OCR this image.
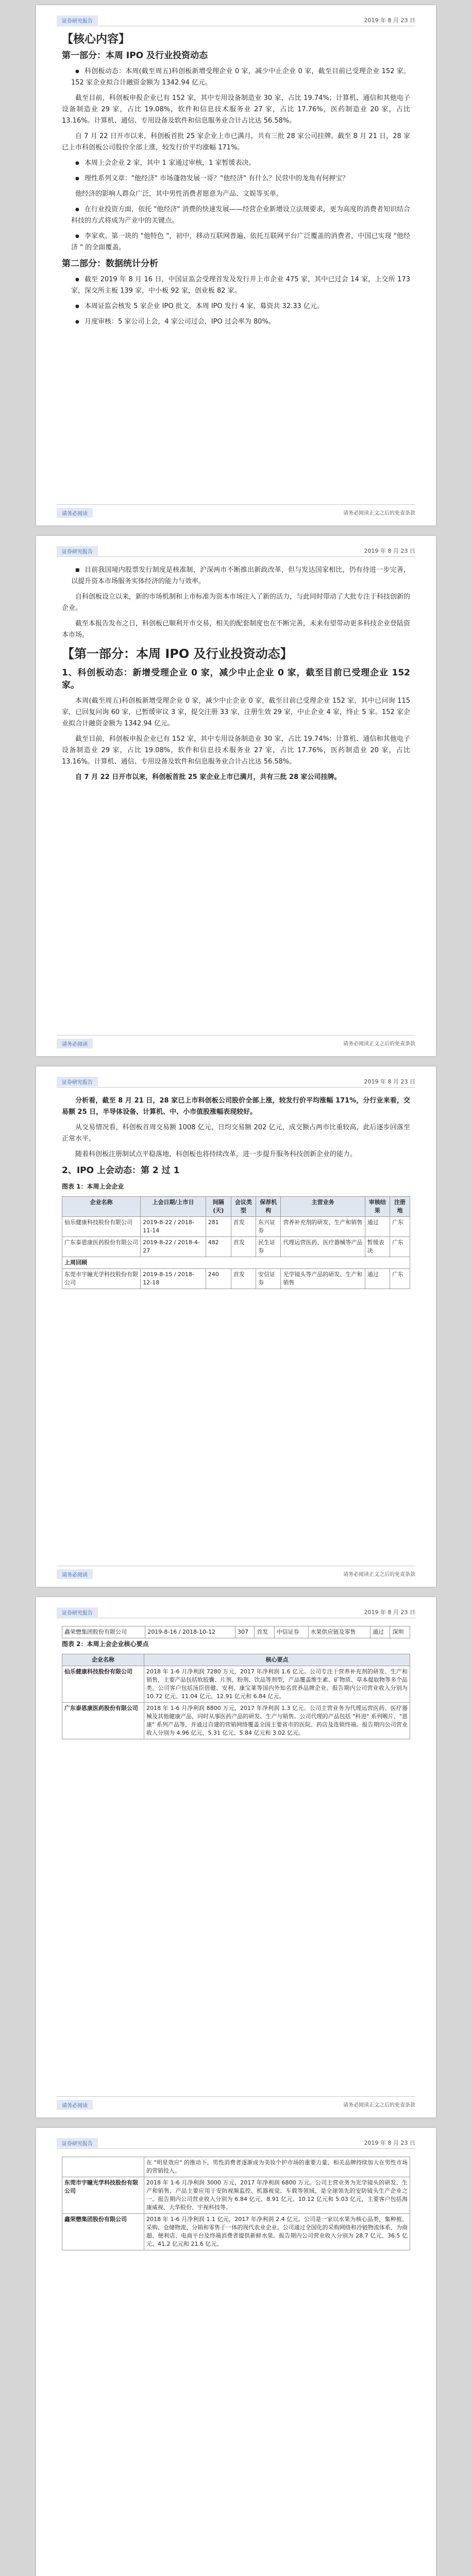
证券研究报告	2019 年 8 月 23 日

【核心内容】

第一部分：本周 IPO 及行业投资动态

● 科创板动态：本周(截至周五)科创板新增受理企业 0 家，减少中止企业 0 家，截至目前已受理企业 152 家。152 家企业拟合计融资金额为 1342.94 亿元。

截至目前，科创板申报企业已有 152 家，其中专用设备制造业 30 家，占比 19.74%；计算机、通信和其他电子设备制造业 29 家，占比 19.08%，软件和信息技术服务业 27 家，占比 17.76%，医药制造业 20 家，占比 13.16%。计算机、通信、专用设备及软件和信息服务业合计占比达 56.58%。

自 7 月 22 日开市以来，科创板首批 25 家企业上市已满月，共有三批 28 家公司挂牌。截至 8 月 21 日，28 家已上市科创板公司股价全部上涨，较发行价平均涨幅 171%。

● 本周上会企业 2 家，其中 1 家通过审核，1 家暂缓表决。

● 理性系列文章："他经济" 市场蓬勃发展一哥？"他经济" 有什么？民营中的龙角有何押宝？

他经济的影响人群众广泛，其中男性消费者愿意为产品、文娱等买单。

● 在行业投资方面，依托 "他经济" 消费的快速发展——经营企业新增设立法规要求，更为高度的消费者知识结合科技的方式将成为产业中的关键点。

● 李家欢、第一块的 "他特色 "，初中，移动互联网普遍、依托互联网平台广泛覆盖的消费者，中国已实现 "他经济 " 的全面覆盖。

第二部分：数据统计分析

● 截至 2019 年 8 月 16 日，中国证监会受理首发及发行并上市企业 475 家，其中已过会 14 家，上交所 173 家，深交所主板 139 家，中小板 92 家，创业板 82 家。

● 本周证监会核发 5 家企业 IPO 批文，本周 IPO 发行 4 家，募资共 32.33 亿元。

● 月度审核：5 家公司上会，4 家公司过会，IPO 过会率为 80%。

请务必阅读	请务必阅读正文之后的免责条款
证券研究报告	2019 年 8 月 23 日

■ 目前我国境内股票发行制度是核准制，沪深两市不断推出新政改革，但与发达国家相比，仍有待进一步完善，以提升资本市场服务实体经济的能力与效率。

自科创板设立以来，新的市场机制和上市标准为资本市场注入了新的活力，与此同时带动了大批专注于科技创新的企业。

截至本报告发布之日，科创板已顺利开市交易，相关的配套制度也在不断完善，未来有望带动更多科技企业登陆资本市场。

【第一部分：本周 IPO 及行业投资动态】

1、科创板动态：新增受理企业 0 家，减少中止企业 0 家，截至目前已受理企业 152 家。

本周(截至周五)科创板新增受理企业 0 家，减少中止企业 0 家，截至目前已受理企业 152 家，其中已问询 115 家，已回复问询 60 家，已暂缓审议 3 家，提交注册 33 家，注册生效 29 家，中止企业 4 家，终止 5 家。152 家企业拟合计融资金额为 1342.94 亿元。

截至目前，科创板申报企业已有 152 家，其中专用设备制造业 30 家，占比 19.74%；计算机、通信和其他电子设备制造业 29 家，占比 19.08%，软件和信息技术服务业 27 家，占比 17.76%，医药制造业 20 家，占比 13.16%。计算机、通信、专用设备及软件和信息服务业合计占比达 56.58%。

自 7 月 22 日开市以来，科创板首批 25 家企业上市已满月，共有三批 28 家公司挂牌。

请务必阅读	请务必阅读正文之后的免责条款
证券研究报告	2019 年 8 月 23 日

分析看，截至 8 月 21 日，28 家已上市科创板公司股价全部上涨，较发行价平均涨幅 171%，分行业来看，交易额 25 日，半导体设备、计算机、中、小市值股涨幅表现较好。

从交易情况看，科创板首周交易额 1008 亿元，日均交易额 202 亿元，成交额占两市比重较高，此后逐步回落至正常水平。

随着科创板注册制试点平稳落地，科创板也将持续改革，进一步提升服务科技创新企业的能力。

2、IPO 上会动态：第 2 过 1

图表 1：本周上会企业

企业名称	上会日期/上市日	间隔(天)	会议类型	保荐机构	主营业务	审核结果	注册地
仙乐健康科技股份有限公司	2019-8-22 / 2018-11-14	281	首发	东兴证券	营养补充剂的研发、生产和销售	通过	广东
广东泰恩康医药股份有限公司	2019-8-22 / 2018-4-27	482	首发	民生证券	代理运营医药、医疗器械等产品	暂缓表决	广东
上周回顾							
东莞市宇瞳光学科技股份有限公司	2019-8-15 / 2018-12-18	240	首发	安信证券	光学镜头等产品的研发、生产和销售	通过	广东
请务必阅读	请务必阅读正文之后的免责条款
证券研究报告	2019 年 8 月 23 日
鑫荣懋集团股份有限公司	2019-8-16 / 2018-10-12	307	首发	中信证券	水果供应链及零售	通过	深圳

图表 2：本周上会企业核心要点

企业名称	核心要点
仙乐健康科技股份有限公司	2018 年 1-6 月净利润 7280 万元，2017 年净利润 1.6 亿元。公司专注于营养补充剂的研发、生产和销售，主要产品包括软胶囊、片剂、粉剂、饮品等剂型，产品覆盖维生素、矿物质、草本提取物等多个品类。公司客户包括汤臣倍健、安利、康宝莱等国内外知名营养品牌企业。报告期内公司营业收入分别为 10.72 亿元、11.04 亿元、12.91 亿元和 6.84 亿元。
广东泰恩康医药股份有限公司	2018 年 1-6 月净利润 8800 万元，2017 年净利润 1.3 亿元。公司主营业务为代理运营医药、医疗器械及其他健康产品，同时从事医药产品的研发、生产与销售。公司代理的产品包括 "科进" 系列喉片、"恩康" 系列产品等，并通过自建的营销网络覆盖全国主要省市的医院、药店及连锁终端。报告期内公司营业收入分别为 4.96 亿元、5.31 亿元、5.84 亿元和 3.02 亿元。
请务必阅读	请务必阅读正文之后的免责条款
证券研究报告	2019 年 8 月 23 日
	在 "明星效应" 的推动下，男性消费者逐渐成为美妆个护市场的重要力量，相关品牌持续加大在男性市场的营销投入。
东莞市宇瞳光学科技股份有限公司	2018 年 1-6 月净利润 3000 万元，2017 年净利润 6800 万元。公司主营业务为光学镜头的研发、生产和销售，产品主要应用于安防视频监控、机器视觉、车载等领域，是全球领先的安防镜头生产企业之一。报告期内公司营业收入分别为 6.84 亿元、8.91 亿元、10.12 亿元和 5.03 亿元，主要客户包括海康威视、大华股份、宇视科技等。
鑫荣懋集团股份有限公司	2018 年 1-6 月净利润 1.1 亿元，2017 年净利润 2.4 亿元。公司是一家以水果为核心品类，集种植、采购、仓储物流、分销和零售于一体的现代农业企业。公司通过全国化的采购网络和冷链物流体系，为商超、便利店、电商平台及终端消费者提供新鲜水果。报告期内公司营业收入分别为 28.7 亿元、36.5 亿元、41.2 亿元和 21.6 亿元。
